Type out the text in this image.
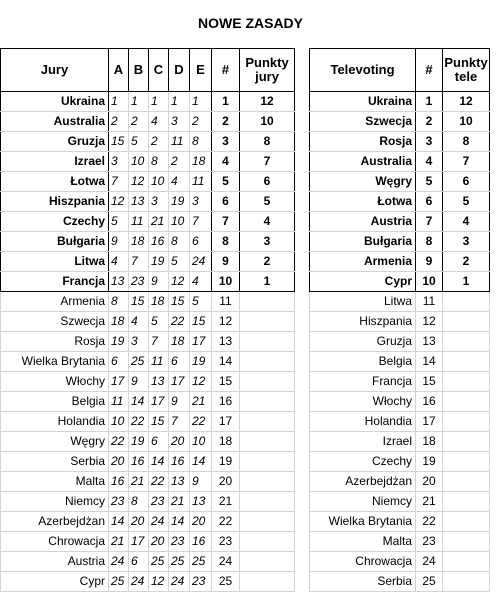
NOWE ZASADY
Jury	A	B	C	D	E	#	Punkty jury
Ukraina	1	1	1	1	1	1	12
Australia	2	2	4	3	2	2	10
Gruzja	15	5	2	11	8	3	8
Izrael	3	10	8	2	18	4	7
Łotwa	7	12	10	4	11	5	6
Hiszpania	12	13	3	19	3	6	5
Czechy	5	11	21	10	7	7	4
Bułgaria	9	18	16	8	6	8	3
Litwa	4	7	19	5	24	9	2
Francja	13	23	9	12	4	10	1
Armenia	8	15	18	15	5	11	
Szwecja	18	4	5	22	15	12	
Rosja	19	3	7	18	17	13	
Wielka Brytania	6	25	11	6	19	14	
Włochy	17	9	13	17	12	15	
Belgia	11	14	17	9	21	16	
Holandia	10	22	15	7	22	17	
Węgry	22	19	6	20	10	18	
Serbia	20	16	14	16	14	19	
Malta	16	21	22	13	9	20	
Niemcy	23	8	23	21	13	21	
Azerbejdżan	14	20	24	14	20	22	
Chrowacja	21	17	20	23	16	23	
Austria	24	6	25	25	25	24	
Cypr	25	24	12	24	23	25	
Televoting	#	Punkty tele
Ukraina	1	12
Szwecja	2	10
Rosja	3	8
Australia	4	7
Węgry	5	6
Łotwa	6	5
Austria	7	4
Bułgaria	8	3
Armenia	9	2
Cypr	10	1
Litwa	11	
Hiszpania	12	
Gruzja	13	
Belgia	14	
Francja	15	
Włochy	16	
Holandia	17	
Izrael	18	
Czechy	19	
Azerbejdżan	20	
Niemcy	21	
Wielka Brytania	22	
Malta	23	
Chrowacja	24	
Serbia	25	
